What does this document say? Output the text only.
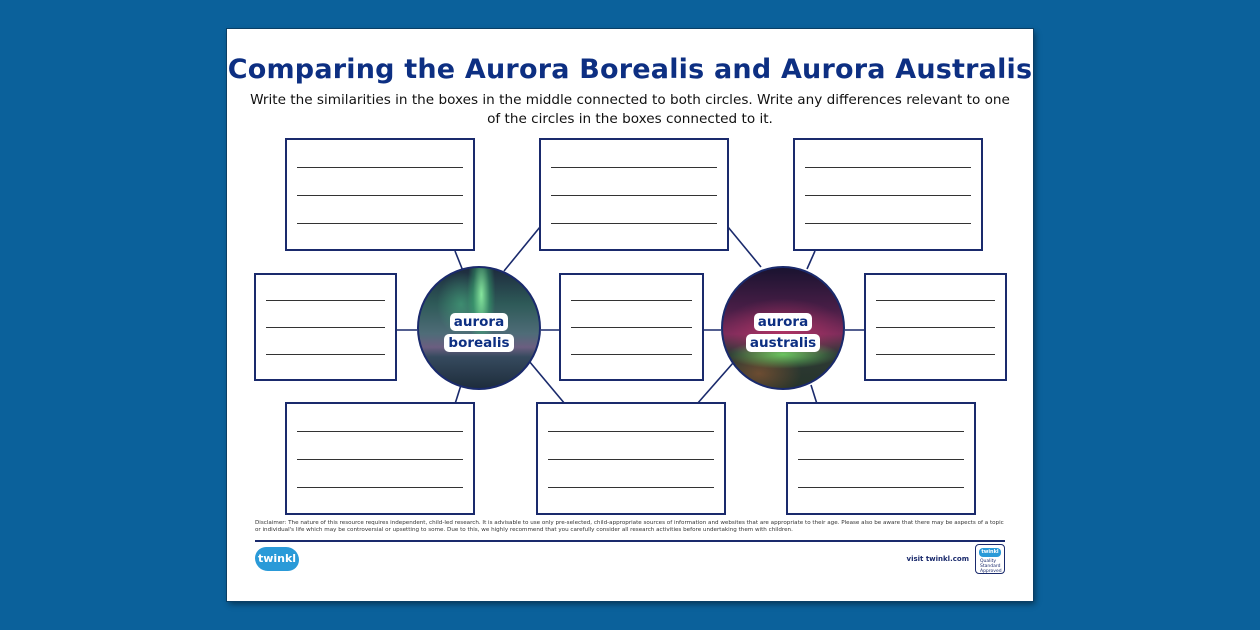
Comparing the Aurora Borealis and Aurora Australis
Write the similarities in the boxes in the middle connected to both circles. Write any differences relevant to one of the circles in the boxes connected to it.
aurora
borealis
aurora
australis
Disclaimer: The nature of this resource requires independent, child-led research. It is advisable to use only pre-selected, child-appropriate sources of information and websites that are appropriate to their age. Please also be aware that there may be aspects of a topic or individual's life which may be controversial or upsetting to some. Due to this, we highly recommend that you carefully consider all research activities before undertaking them with children.
twinkl	visit twinkl.com
twinkl
Quality Standard Approved
